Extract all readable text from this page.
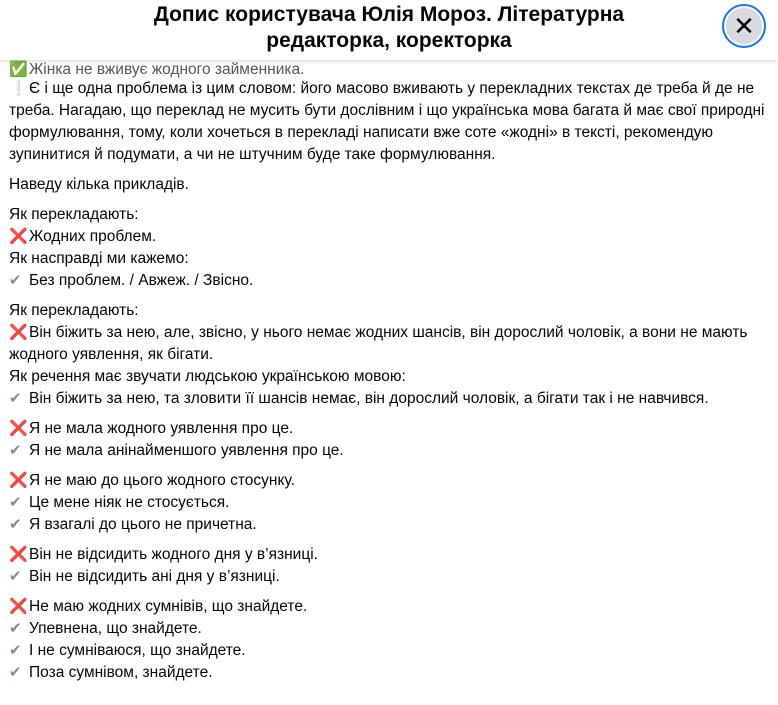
Допис користувача Юлія Мороз. Літературна редакторка, коректорка	✕
✅Жінка не вживує жодного займенника.
❕Є і ще одна проблема із цим словом: його масово вживають у перекладних текстах де треба й де не треба. Нагадаю, що переклад не мусить бути дослівним і що українська мова багата й має свої природні формулювання, тому, коли хочеться в перекладі написати вже соте «жодні» в тексті, рекомендую зупинитися й подумати, а чи не штучним буде таке формулювання.
Наведу кілька прикладів.
Як перекладають:
❌Жодних проблем.
Як насправді ми кажемо:
✔ Без проблем. / Авжеж. / Звісно.
Як перекладають:
❌Він біжить за нею, але, звісно, у нього немає жодних шансів, він дорослий чоловік, а вони не мають жодного уявлення, як бігати.
Як речення має звучати людською українською мовою:
✔ Він біжить за нею, та зловити її шансів немає, він дорослий чоловік, а бігати так і не навчився.
❌Я не мала жодного уявлення про це.
✔ Я не мала анінайменшого уявлення про це.
❌Я не маю до цього жодного стосунку.
✔ Це мене ніяк не стосується.
✔ Я взагалі до цього не причетна.
❌Він не відсидить жодного дня у в’язниці.
✔ Він не відсидить ані дня у в’язниці.
❌Не маю жодних сумнівів, що знайдете.
✔ Упевнена, що знайдете.
✔ І не сумніваюся, що знайдете.
✔ Поза сумнівом, знайдете.
